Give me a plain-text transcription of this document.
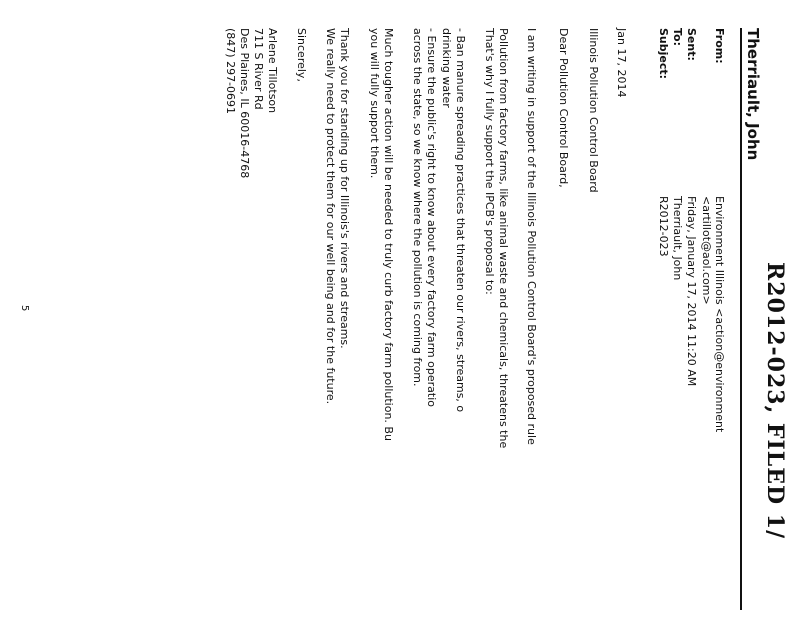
R2012-023, FILED 1/
Therriault, John
From:
Environment Illinois <action@environment
<artillot@aol.com>
Sent:
Friday, January 17, 2014 11:20 AM
To:
Therriault, John
Subject:
R2012-023
Jan 17, 2014
Illinois Pollution Control Board
Dear Pollution Control Board,
I am writing in support of the Illinois Pollution Control Board's proposed rule
Pollution from factory farms, like animal waste and chemicals, threatens the
That's why I fully support the IPCB's proposal to:
- Ban manure spreading practices that threaten our rivers, streams, o
drinking water
- Ensure the public's right to know about every factory farm operatio
across the state, so we know where the pollution is coming from.
Much tougher action will be needed to truly curb factory farm pollution. Bu
you will fully support them.
Thank you for standing up for Illinois's rivers and streams.
We really need to protect them for our well being and for the future.
Sincerely,
Arlene Tillotson
711 S River Rd
Des Plaines, IL 60016-4768
(847) 297-0691
5
